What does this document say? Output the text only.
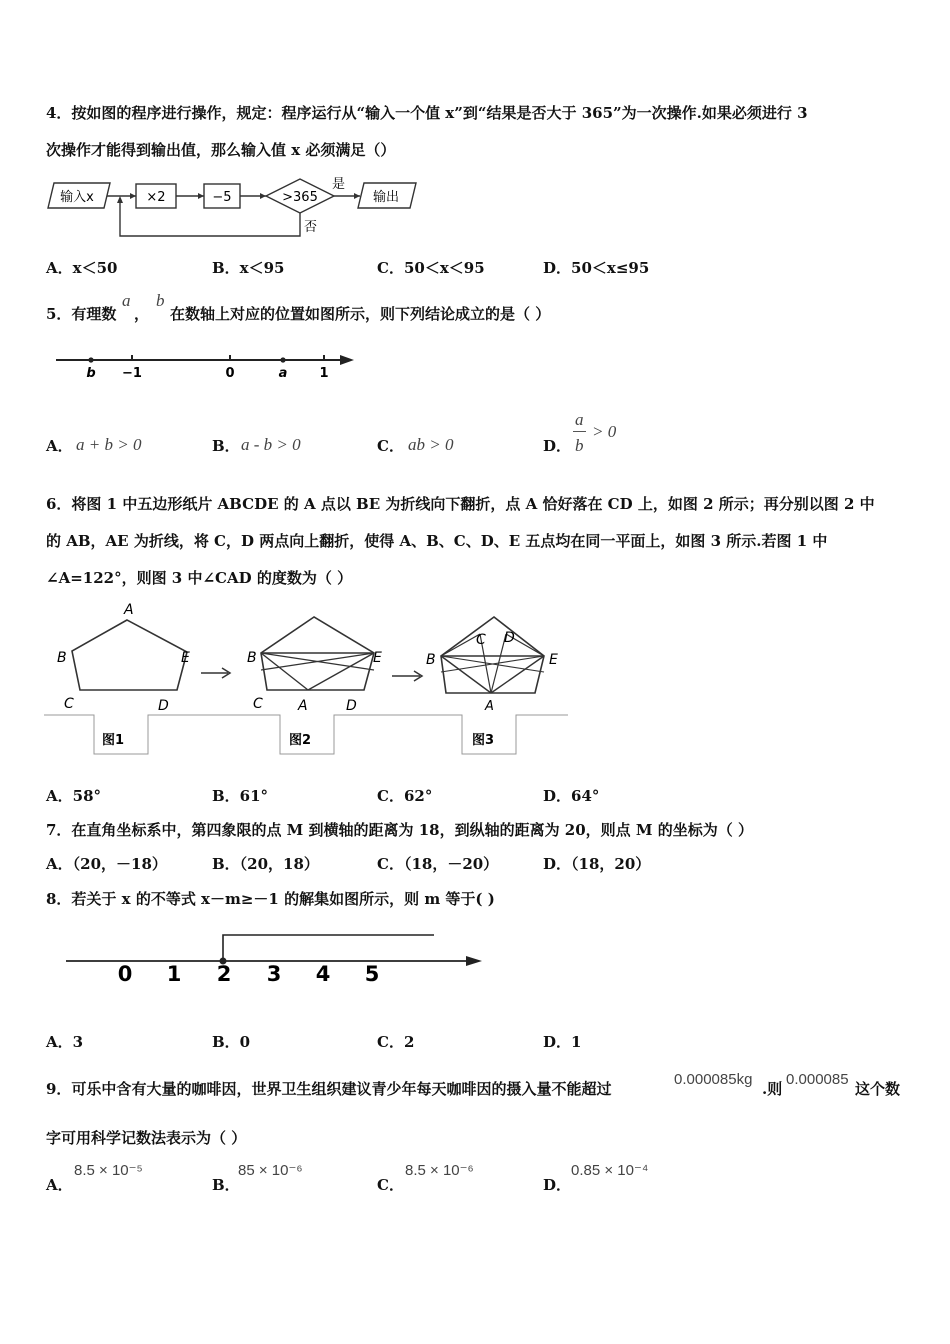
4．按如图的程序进行操作，规定：程序运行从“输入一个值 x”到“结果是否大于 365”为一次操作.如果必须进行 3
次操作才能得到输出值，那么输入值 x 必须满足（）
输入x	×2	−5	>365
是
输出
否
A．x＜50	B．x＜95	C．50＜x＜95	D．50＜x≤95
5．有理数
a
，
b
在数轴上对应的位置如图所示，则下列结论成立的是（ ）
b −1	0	a 1
A． a + b > 0	B． a - b > 0	C． ab > 0	D．
a
b
> 0
6．将图 1 中五边形纸片 ABCDE 的 A 点以 BE 为折线向下翻折，点 A 恰好落在 CD 上，如图 2 所示；再分别以图 2 中
的 AB，AE 为折线，将 C，D 两点向上翻折，使得 A、B、C、D、E 五点均在同一平面上，如图 3 所示.若图 1 中
∠A=122°，则图 3 中∠CAD 的度数为（ ）
A
B
C	D
E
图1
B	E
C	A	D
图2
C D
B	E
A
图3
A．58°	B．61°	C．62°	D．64°
7．在直角坐标系中，第四象限的点 M 到横轴的距离为 18，到纵轴的距离为 20，则点 M 的坐标为（ ）
A．（20，－18）	B．（20，18）	C．（18，－20）	D．（18，20）
8．若关于 x 的不等式 x－m≥－1 的解集如图所示，则 m 等于( )
0 1 2 3 4 5
A．3	B．0	C．2	D．1
9．可乐中含有大量的咖啡因，世界卫生组织建议青少年每天咖啡因的摄入量不能超过
0.000085kg
.则
0.000085
这个数
字可用科学记数法表示为（ ）
A．
8.5 × 10⁻⁵
B．
85 × 10⁻⁶
C．
8.5 × 10⁻⁶
D．
0.85 × 10⁻⁴
